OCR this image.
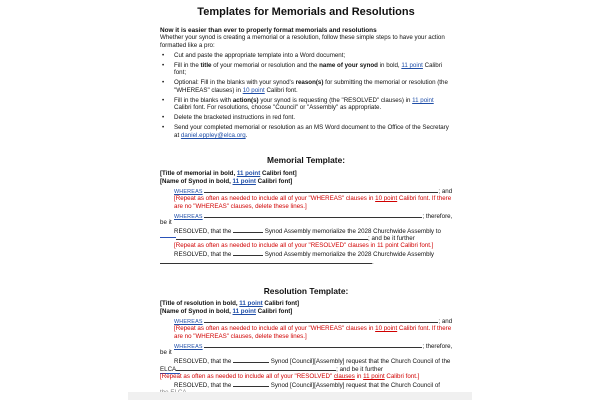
Templates for Memorials and Resolutions
Now it is easier than ever to properly format memorials and resolutions
Whether your synod is creating a memorial or a resolution, follow these simple steps to have your action formatted like a pro:
• Cut and paste the appropriate template into a Word document;
• Fill in the title of your memorial or resolution and the name of your synod in bold, 11 point Calibri font;
• Optional: Fill in the blanks with your synod's reason(s) for submitting the memorial or resolution (the "WHEREAS" clauses) in 10 point Calibri font.
• Fill in the blanks with action(s) your synod is requesting (the "RESOLVED" clauses) in 11 point Calibri font. For resolutions, choose "Council" or "Assembly" as appropriate.
• Delete the bracketed instructions in red font.
• Send your completed memorial or resolution as an MS Word document to the Office of the Secretary at daniel.eppley@elca.org.
Memorial Template:
[Title of memorial in bold, 11 point Calibri font]
[Name of Synod in bold, 11 point Calibri font]
WHEREAS	; and
[Repeat as often as needed to include all of your "WHEREAS" clauses in 10 point Calibri font. If there are no "WHEREAS" clauses, delete these lines.]
WHEREAS	; therefore,
be it
RESOLVED, that the	Synod Assembly memorialize the 2028 Churchwide Assembly to
; and be it further
[Repeat as often as needed to include all of your "RESOLVED" clauses in 11 point Calibri font.]
RESOLVED, that the	Synod Assembly memorialize the 2028 Churchwide Assembly
.
Resolution Template:
[Title of resolution in bold, 11 point Calibri font]
[Name of Synod in bold, 11 point Calibri font]
WHEREAS	; and
[Repeat as often as needed to include all of your "WHEREAS" clauses in 10 point Calibri font. If there are no "WHEREAS" clauses, delete these lines.]
WHEREAS	; therefore,
be it
RESOLVED, that the	Synod [Council][Assembly] request that the Church Council of the
ELCA	; and be it further
[Repeat as often as needed to include all of your "RESOLVED" clauses in 11 point Calibri font.]
RESOLVED, that the	Synod [Council][Assembly] request that the Church Council of
